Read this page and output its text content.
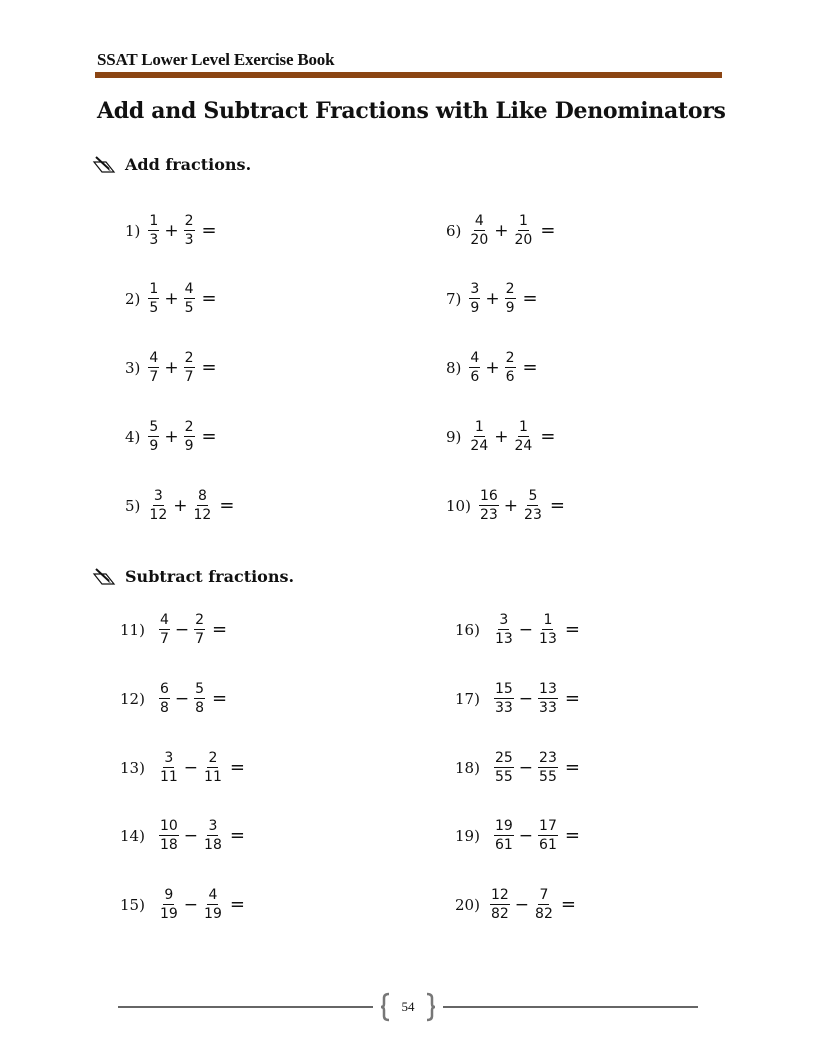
SSAT Lower Level Exercise Book
Add and Subtract Fractions with Like Denominators
Add fractions.
Subtract fractions.
$1) \frac{1}{3} + \frac{2}{3}$ =
$2) \frac{1}{5} + \frac{4}{5}$ =
$3) \frac{4}{7} + \frac{2}{7}$ =
$4) \frac{5}{9} + \frac{2}{9}$ =
$5) \frac{3}{12} + \frac{8}{12}$ =
$6) \frac{4}{20} + \frac{1}{20}$ =
$7) \frac{3}{9} + \frac{2}{9}$ =
$8) \frac{4}{6} + \frac{2}{6}$ =
$9) \frac{1}{24} + \frac{1}{24}$ =
$10) \frac{16}{23} + \frac{5}{23}$ =
$11) \frac{4}{7} - \frac{2}{7}$ =
$12) \frac{6}{8} - \frac{5}{8}$ =
$13) \frac{3}{11} - \frac{2}{11}$ =
$14) \frac{10}{18} - \frac{3}{18}$ =
$15) \frac{9}{19} - \frac{4}{19}$ =
$16) \frac{3}{13} - \frac{1}{13}$ =
$17) \frac{15}{33} - \frac{13}{33}$ =
$18) \frac{25}{55} - \frac{23}{55}$ =
$19) \frac{19}{61} - \frac{17}{61}$ =
$20) \frac{12}{82} - \frac{7}{82}$ =
54
